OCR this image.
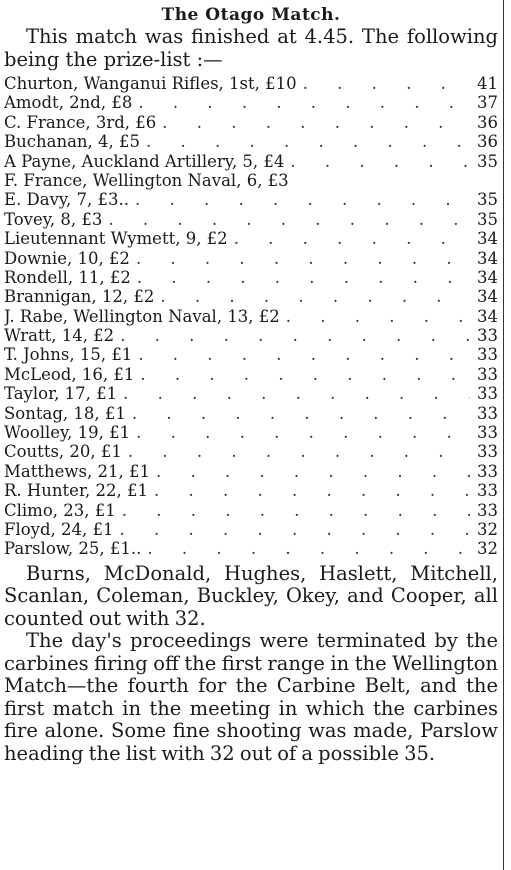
The Otago Match.

This match was finished at 4.45. The following being the prize-list :—

Churton, Wanganui Rifles, 1st, £10 . . .	41
Amodt, 2nd, £8 . . .	37
C. France, 3rd, £6 . . .	36
Buchanan, 4, £5 . . .	36
A Payne, Auckland Artillery, 5, £4 . . .	35
F. France, Wellington Naval, 6, £3
E. Davy, 7, £3.. . . .	35
Tovey, 8, £3 . . .	35
Lieutennant Wymett, 9, £2 . . .	34
Downie, 10, £2 . . .	34
Rondell, 11, £2 . . .	34
Brannigan, 12, £2 . . .	34
J. Rabe, Wellington Naval, 13, £2 . . .	34
Wratt, 14, £2 . . .	33
T. Johns, 15, £1 . . .	33
McLeod, 16, £1 . . .	33
Taylor, 17, £1 . . .	33
Sontag, 18, £1 . . .	33
Woolley, 19, £1 . . .	33
Coutts, 20, £1 . . .	33
Matthews, 21, £1 . . .	33
R. Hunter, 22, £1 . . .	33
Climo, 23, £1 . . .	33
Floyd, 24, £1 . . .	32
Parslow, 25, £1.. . . .	32

Burns, McDonald, Hughes, Haslett, Mitchell, Scanlan, Coleman, Buckley, Okey, and Cooper, all counted out with 32.

The day's proceedings were terminated by the carbines firing off the first range in the Wellington Match—the fourth for the Carbine Belt, and the first match in the meeting in which the carbines fire alone. Some fine shooting was made, Parslow heading the list with 32 out of a possible 35.
